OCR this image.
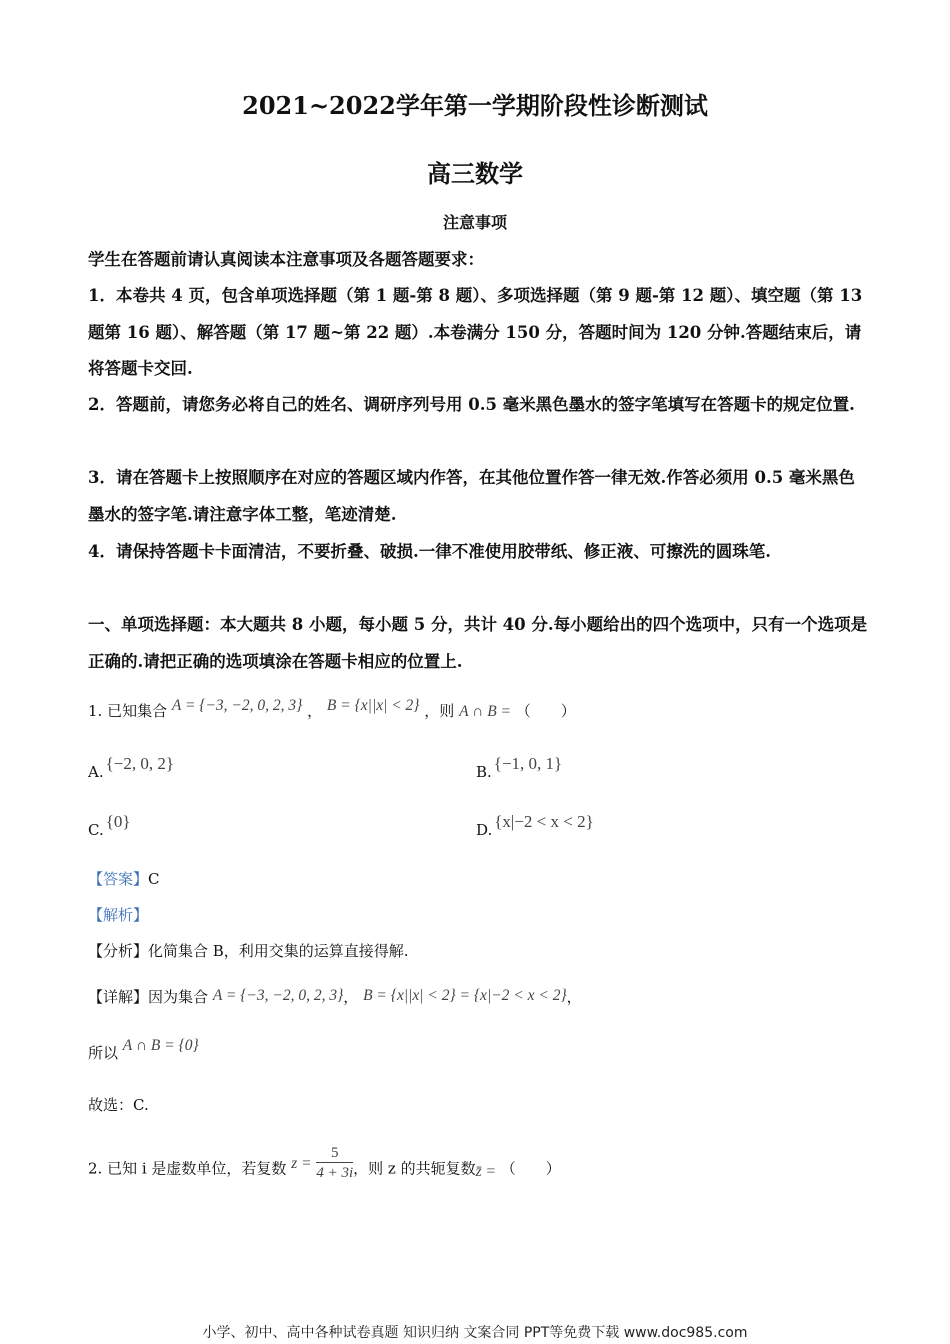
2021~2022学年第一学期阶段性诊断测试
高三数学
注意事项
学生在答题前请认真阅读本注意事项及各题答题要求：
1．本卷共 4 页，包含单项选择题（第 1 题-第 8 题）、多项选择题（第 9 题-第 12 题）、填空题（第 13 题第 16 题）、解答题（第 17 题~第 22 题）.本卷满分 150 分，答题时间为 120 分钟.答题结束后，请将答题卡交回.
2．答题前，请您务必将自己的姓名、调研序列号用 0.5 毫米黑色墨水的签字笔填写在答题卡的规定位置.
3．请在答题卡上按照顺序在对应的答题区域内作答，在其他位置作答一律无效.作答必须用 0.5 毫米黑色墨水的签字笔.请注意字体工整，笔迹清楚.
4．请保持答题卡卡面清洁，不要折叠、破损.一律不准使用胶带纸、修正液、可擦洗的圆珠笔.
一、单项选择题：本大题共 8 小题，每小题 5 分，共计 40 分.每小题给出的四个选项中，只有一个选项是正确的.请把正确的选项填涂在答题卡相应的位置上.
1. 已知集合 A = {−3, −2, 0, 2, 3} ， B = {x||x| < 2} ，则 A ∩ B = （　　）
A. {−2, 0, 2}	B. {−1, 0, 1}
C. {0}	D. {x|−2 < x < 2}
【答案】C
【解析】
【分析】化简集合 B，利用交集的运算直接得解.
【详解】因为集合 A = {−3, −2, 0, 2, 3}， B = {x||x| < 2} = {x|−2 < x < 2}，
所以 A ∩ B = {0}
故选：C.
2. 已知 i 是虚数单位，若复数 $z = \frac{5}{4 + 3i}$ ，则 z 的共轭复数z̄ = （　　）
小学、初中、高中各种试卷真题 知识归纳 文案合同 PPT等免费下载 www.doc985.com
